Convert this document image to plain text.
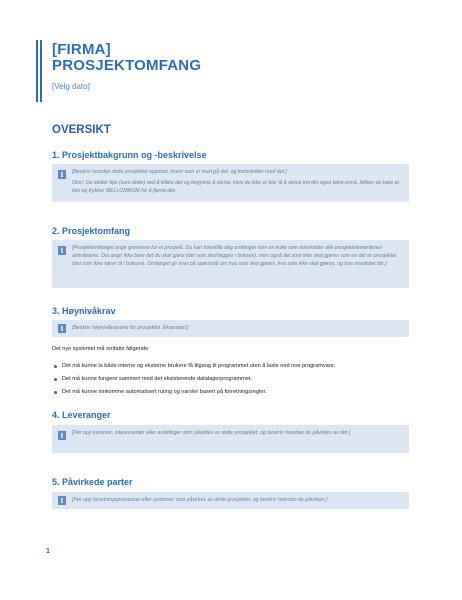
[FIRMA]
PROSJEKTOMFANG
[Velg dato]
OVERSIKT
1. Prosjektbakgrunn og -beskrivelse
i	[Beskriv hvordan dette prosjektet oppstod, hvem som er med på det, og fremskritter med det.]

Obs!: Du sletter tips (som dette) ved å klikke det og begynne å skrive. Hvis du ikke er klar til å skrive inn din egen tekst ennå, klikker du bare et tips og trykker MELLOMROM for å fjerne det.

2. Prosjektomfang
i	[Prosjektomfanget angir grensene for et prosjekt. Du kan forestille deg omfanget som en koke som inneholder alle prosjektelementene/-aktivitetene. Det angir ikke bare det du skal gjøre (det som skal legges i boksen), men også det som ikke skal gjøres som en del av prosjektet (det som ikke hører til i boksen). Omfanget gir svar på spørsmål om hva som skal gjøres, hva som ikke skal gjøres, og hva resultatet blir.]

3. Høynivåkrav
i	[Beskriv høynivåkravene for prosjektet. Eksempel:]

Det nye systemet må omfatte følgende:
Det må kunne la både interne og eksterne brukere få tilgang til programmet uten å laste ned noe programvare.
Det må kunne fungere sammen med det eksisterende datalagerprogrammet.
Det må kunne innkomme automatisert ruting og varsler basert på forretningsregler.
4. Leveranger
i	[Før opp komorer, interessenter eller avdelinger som påvirkes av dette prosjektet, og beskriv hvordan de påvirkes av det.]

5. Påvirkede parter
i	[Før opp forretningsprosesser eller systemer som påvirkes av dette prosjektet, og beskriv hvordan de påvirkes.]

1
